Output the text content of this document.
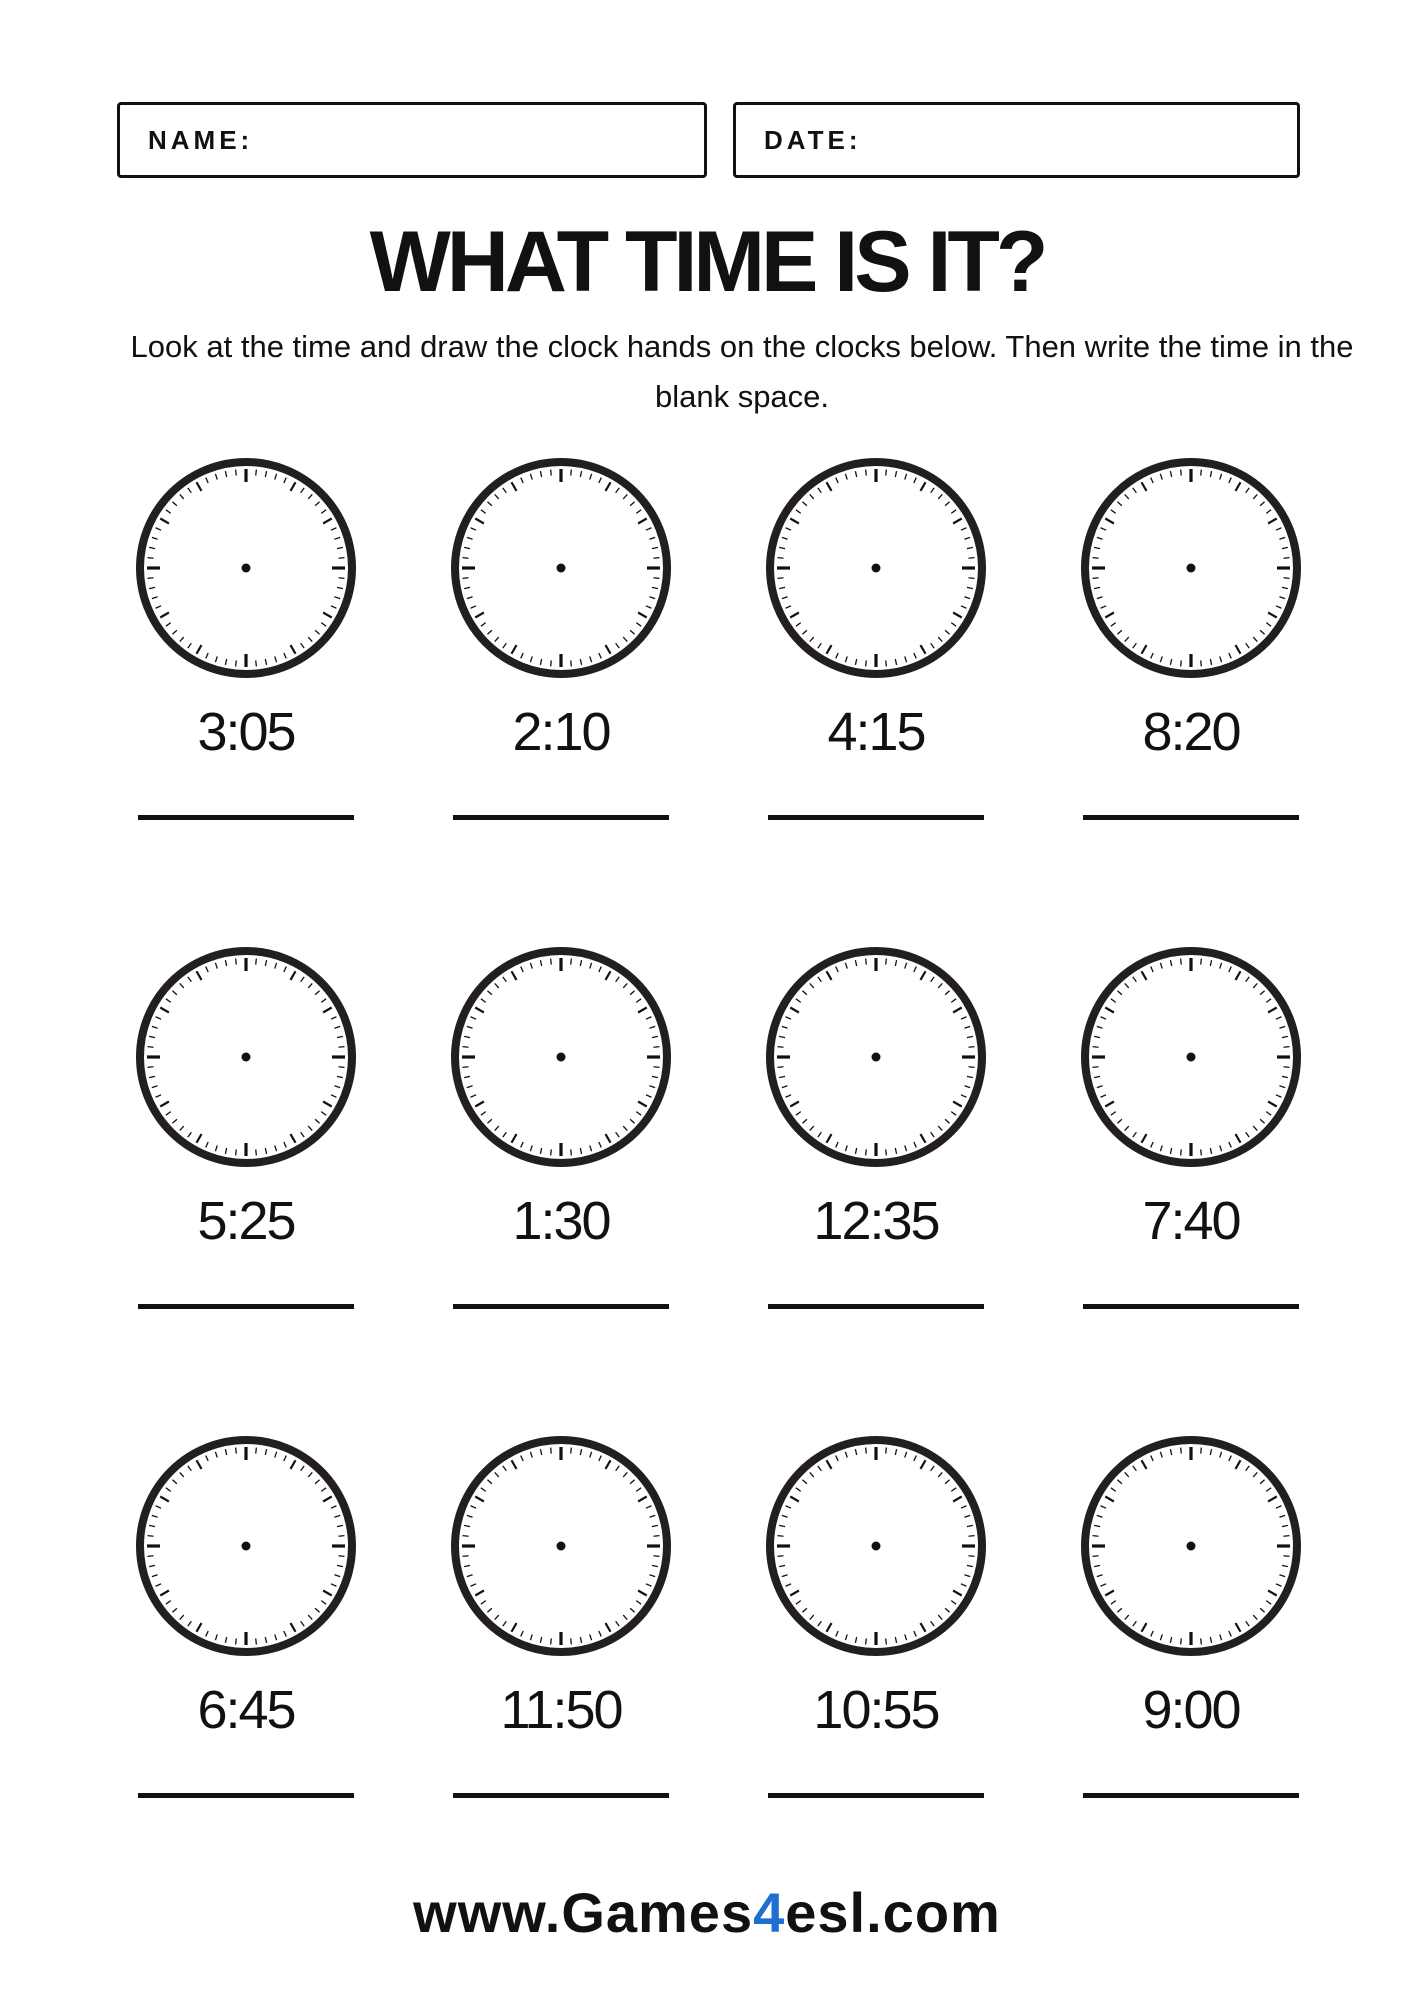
NAME:	DATE:
WHAT TIME IS IT?
Look at the time and draw the clock hands on the clocks below. Then write the time in the blank space.
3:05	2:10	4:15	8:20
5:25	1:30	12:35	7:40
6:45	11:50	10:55	9:00
www.Games4esl.com
